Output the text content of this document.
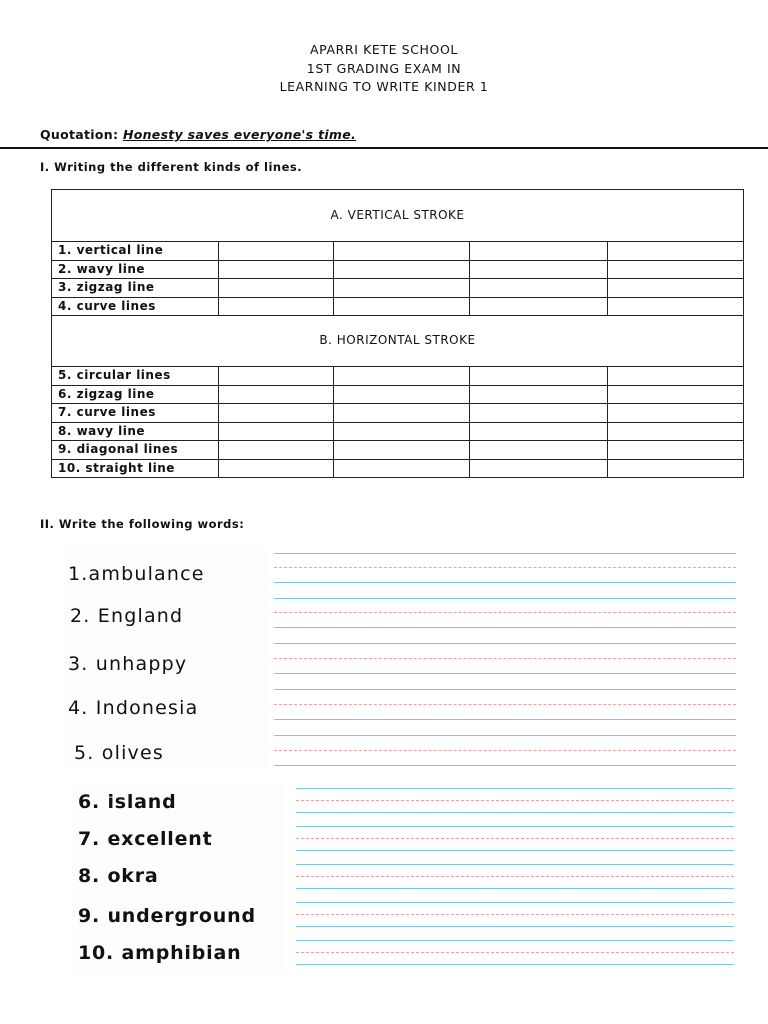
APARRI KETE SCHOOL
1ST GRADING EXAM IN
LEARNING TO WRITE KINDER 1
Quotation: Honesty saves everyone's time.
I. Writing the different kinds of lines.
A. VERTICAL STROKE				
1. vertical line				
2. wavy line				
3. zigzag line				
4. curve lines				
B. HORIZONTAL STROKE				
5. circular lines				
6. zigzag line				
7. curve lines				
8. wavy line				
9. diagonal lines				
10. straight line				
II. Write the following words:
1.ambulance
2. England
3. unhappy
4. Indonesia
5. olives
6. island
7. excellent
8. okra
9. underground
10. amphibian
